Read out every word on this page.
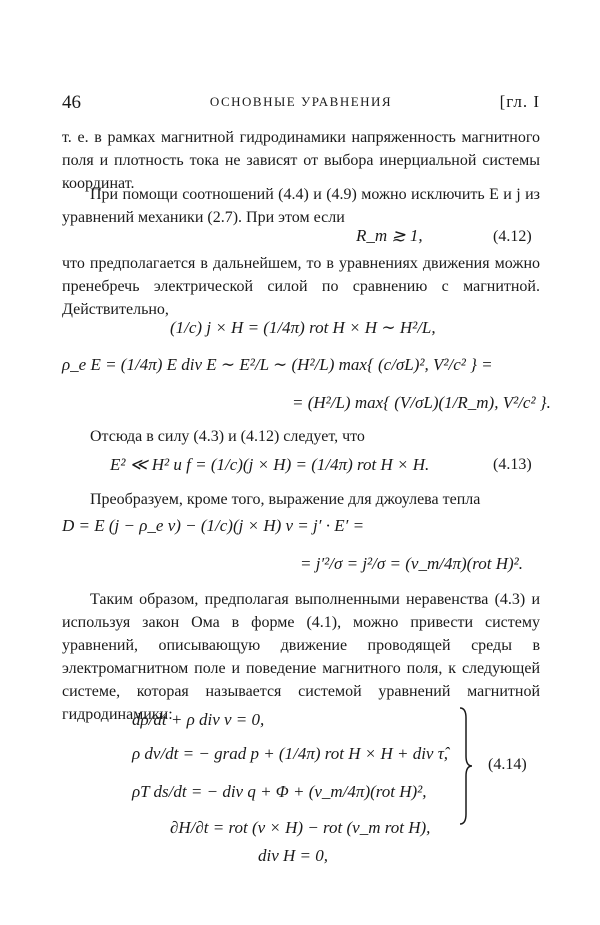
46	ОСНОВНЫЕ УРАВНЕНИЯ	[гл. I
т. е. в рамках магнитной гидродинамики напряженность магнитного поля и плотность тока не зависят от выбора инерциальной системы координат.
При помощи соотношений (4.4) и (4.9) можно исключить E и j из уравнений механики (2.7). При этом если
R_m ≳ 1,	(4.12)
что предполагается в дальнейшем, то в уравнениях движения можно пренебречь электрической силой по сравнению с магнитной. Действительно,
(1/c) j × H = (1/4π) rot H × H ∼ H²/L,
ρ_e E = (1/4π) E div E ∼ E²/L ∼ (H²/L) max{ (c/σL)², V²/c² } =
= (H²/L) max{ (V/σL)(1/R_m), V²/c² }.
Отсюда в силу (4.3) и (4.12) следует, что
E² ≪ H² и f = (1/c)(j × H) = (1/4π) rot H × H.	(4.13)
Преобразуем, кроме того, выражение для джоулева тепла
D = E (j − ρ_e v) − (1/c)(j × H) v = j′ · E′ =
= j′²/σ = j²/σ = (ν_m/4π)(rot H)².
Таким образом, предполагая выполненными неравенства (4.3) и используя закон Ома в форме (4.1), можно привести систему уравнений, описывающую движение проводящей среды в электромагнитном поле и поведение магнитного поля, к следующей системе, которая называется системой уравнений магнитной гидродинамики:
dρ/dt + ρ div v = 0,
ρ dv/dt = − grad p + (1/4π) rot H × H + div τ̂,
ρT ds/dt = − div q + Φ + (ν_m/4π)(rot H)²,
∂H/∂t = rot (v × H) − rot (ν_m rot H),
div H = 0,
(4.14)
